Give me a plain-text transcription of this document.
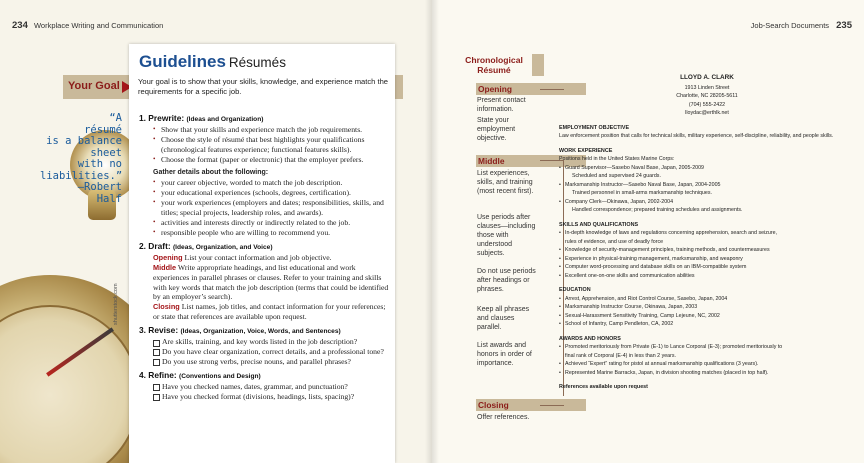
234 Workplace Writing and Communication
“A
résumé
is a balance
sheet
with no
liabilities.”
—Robert
Half
shutterstock.com
Your Goal
Guidelines Résumés
1. Prewrite: (Ideas and Organization)
• Show that your skills and experience match the job requirements.
• Choose the style of résumé that best highlights your qualifications (chronological features experience; functional features skills).
• Choose the format (paper or electronic) that the employer prefers.
Gather details about the following:
• your career objective, worded to match the job description.
• your educational experiences (schools, degrees, certification).
• your work experiences (employers and dates; responsibilities, skills, and titles; special projects, leadership roles, and awards).
• activities and interests directly or indirectly related to the job.
• responsible people who are willing to recommend you.
2. Draft: (Ideas, Organization, and Voice)
Opening List your contact information and job objective.
Middle Write appropriate headings, and list educational and work experiences in parallel phrases or clauses. Refer to your training and skills with key words that match the job description (terms that could be identified by an employer’s search).
Closing List names, job titles, and contact information for your references; or state that references are available upon request.
3. Revise: (Ideas, Organization, Voice, Words, and Sentences)
Are skills, training, and key words listed in the job description?
Do you have clear organization, correct details, and a professional tone?
Do you use strong verbs, precise nouns, and parallel phrases?
4. Refine: (Conventions and Design)
Have you checked names, dates, grammar, and punctuation?
Have you checked format (divisions, headings, lists, spacing)?
Your goal is to show that your skills, knowledge, and experience match the requirements for a specific job.
Job-Search Documents 235
Chronological
Résumé
Opening
Present contact information.
State your employment objective.
Middle
List experiences, skills, and training (most recent first).
Use periods after clauses—including those with understood subjects.
Do not use periods after headings or phrases.
Keep all phrases and clauses parallel.
List awards and honors in order of importance.
Closing
Offer references.
LLOYD A. CLARK
1913 Linden Street
Charlotte, NC 28205-5611
(704) 555-2422
lloydac@erthlk.net
EMPLOYMENT OBJECTIVE
Law enforcement position that calls for technical skills, military experience, self-discipline, reliability, and people skills.
WORK EXPERIENCE
Positions held in the United States Marine Corps:
• Guard Supervisor—Sasebo Naval Base, Japan, 2005-2009
Scheduled and supervised 24 guards.
• Marksmanship Instructor—Sasebo Naval Base, Japan, 2004-2005
Trained personnel in small-arms marksmanship techniques.
• Company Clerk—Okinawa, Japan, 2002-2004
Handled correspondence; prepared training schedules and assignments.
SKILLS AND QUALIFICATIONS
• In-depth knowledge of laws and regulations concerning apprehension, search and seizure,
rules of evidence, and use of deadly force
• Knowledge of security-management principles, training methods, and countermeasures
• Experience in physical-training management, marksmanship, and weaponry
• Computer word-processing and database skills on an IBM-compatible system
• Excellent one-on-one skills and communication abilities
EDUCATION
• Arrest, Apprehension, and Riot Control Course, Sasebo, Japan, 2004
• Marksmanship Instructor Course, Okinawa, Japan, 2003
• Sexual-Harassment Sensitivity Training, Camp Lejeune, NC, 2002
• School of Infantry, Camp Pendleton, CA, 2002
AWARDS AND HONORS
• Promoted meritoriously from Private (E-1) to Lance Corporal (E-3); promoted meritoriously to
final rank of Corporal (E-4) in less than 2 years.
• Achieved “Expert” rating for pistol at annual marksmanship qualifications (3 years).
• Represented Marine Barracks, Japan, in division shooting matches (placed in top half).
References available upon request
